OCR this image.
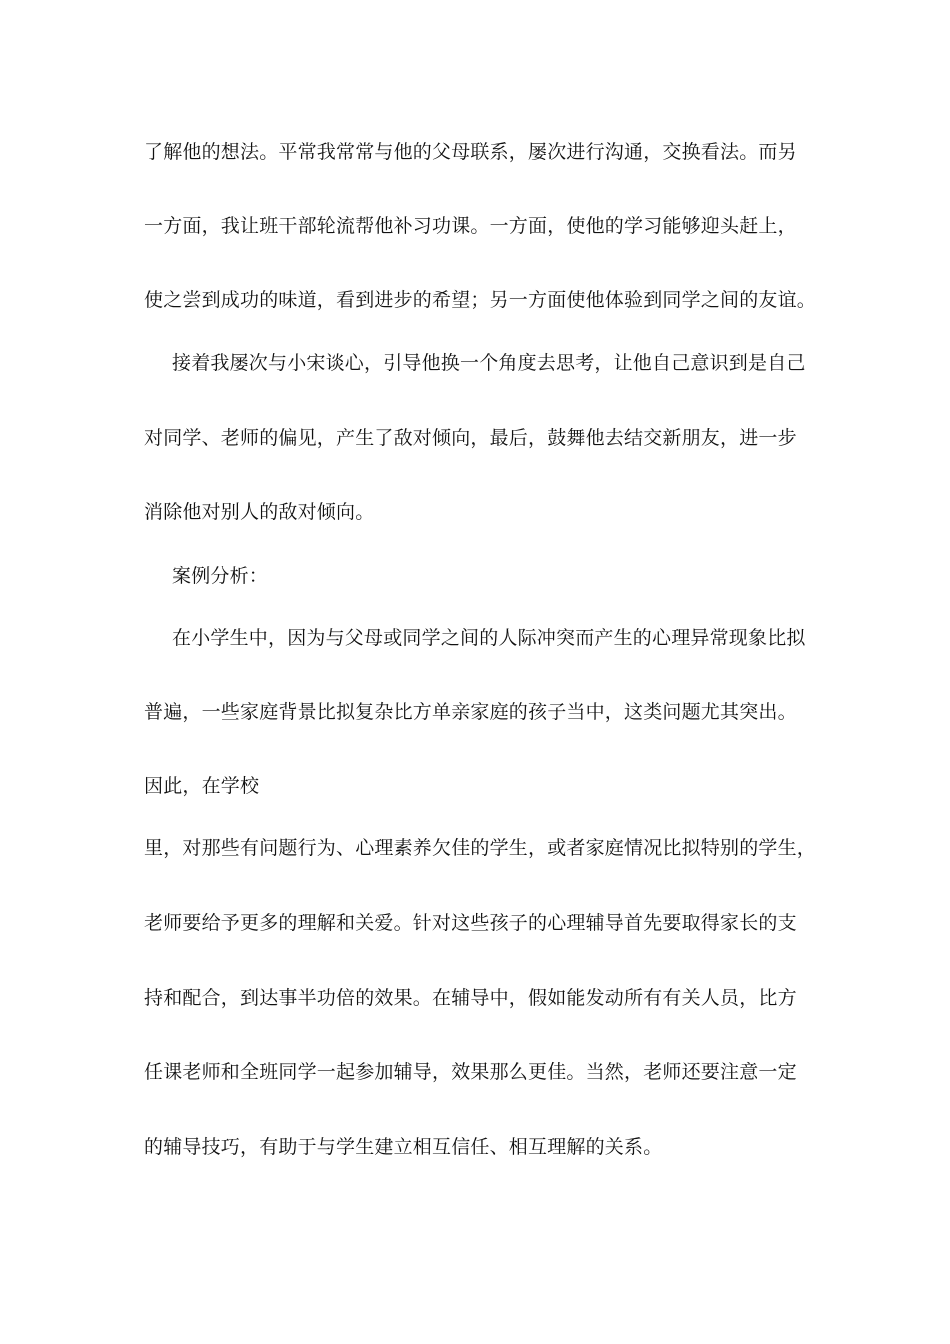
了解他的想法。平常我常常与他的父母联系，屡次进行沟通，交换看法。而另
一方面，我让班干部轮流帮他补习功课。一方面，使他的学习能够迎头赶上，
使之尝到成功的味道，看到进步的希望；另一方面使他体验到同学之间的友谊。
接着我屡次与小宋谈心，引导他换一个角度去思考，让他自己意识到是自己
对同学、老师的偏见，产生了敌对倾向，最后，鼓舞他去结交新朋友，进一步
消除他对别人的敌对倾向。
案例分析：
在小学生中，因为与父母或同学之间的人际冲突而产生的心理异常现象比拟
普遍，一些家庭背景比拟复杂比方单亲家庭的孩子当中，这类问题尤其突出。
因此，在学校
里，对那些有问题行为、心理素养欠佳的学生，或者家庭情况比拟特别的学生，
老师要给予更多的理解和关爱。针对这些孩子的心理辅导首先要取得家长的支
持和配合，到达事半功倍的效果。在辅导中，假如能发动所有有关人员，比方
任课老师和全班同学一起参加辅导，效果那么更佳。当然，老师还要注意一定
的辅导技巧，有助于与学生建立相互信任、相互理解的关系。
